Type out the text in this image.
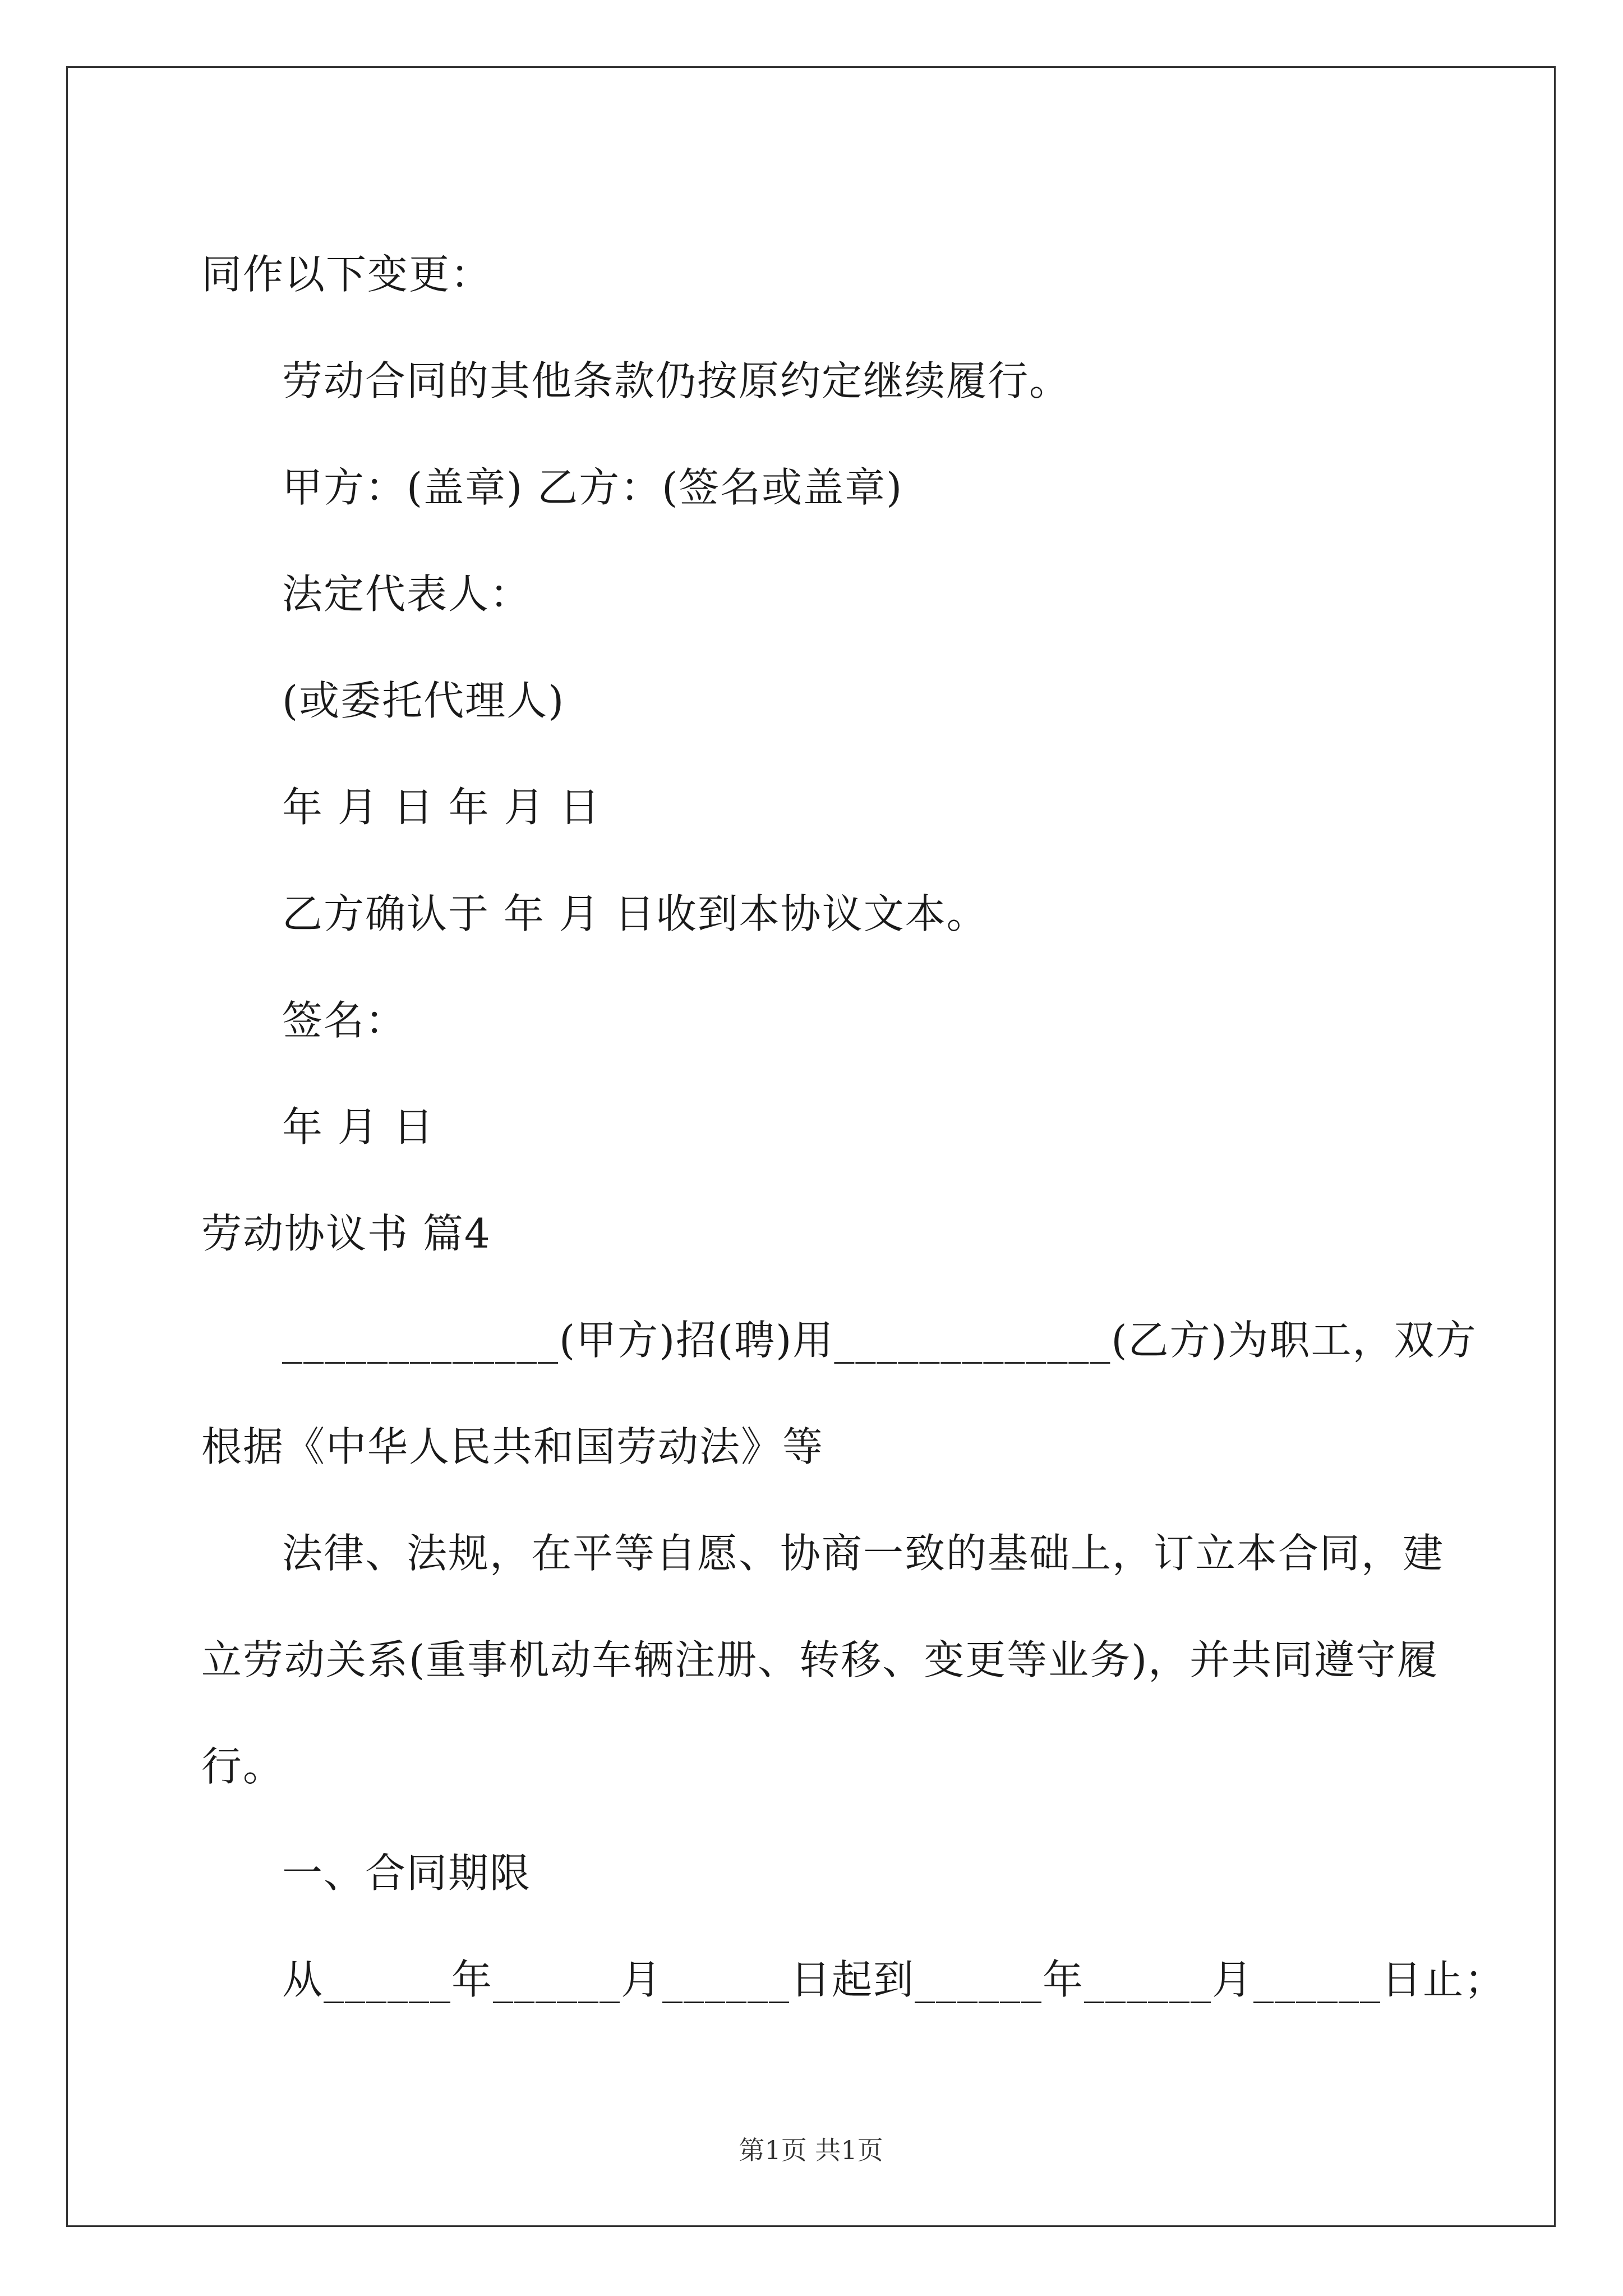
同作以下变更：
劳动合同的其他条款仍按原约定继续履行。
甲方：(盖章) 乙方：(签名或盖章)
法定代表人：
(或委托代理人)
年 月 日 年 月 日
乙方确认于 年 月 日收到本协议文本。
签名：
年 月 日
劳动协议书 篇4
_____________(甲方)招(聘)用_____________(乙方)为职工，双方
根据《中华人民共和国劳动法》等
法律、法规，在平等自愿、协商一致的基础上，订立本合同，建
立劳动关系(重事机动车辆注册、转移、变更等业务)，并共同遵守履
行。
一、合同期限
从______年______月______日起到______年______月______日止；
第1页 共1页
